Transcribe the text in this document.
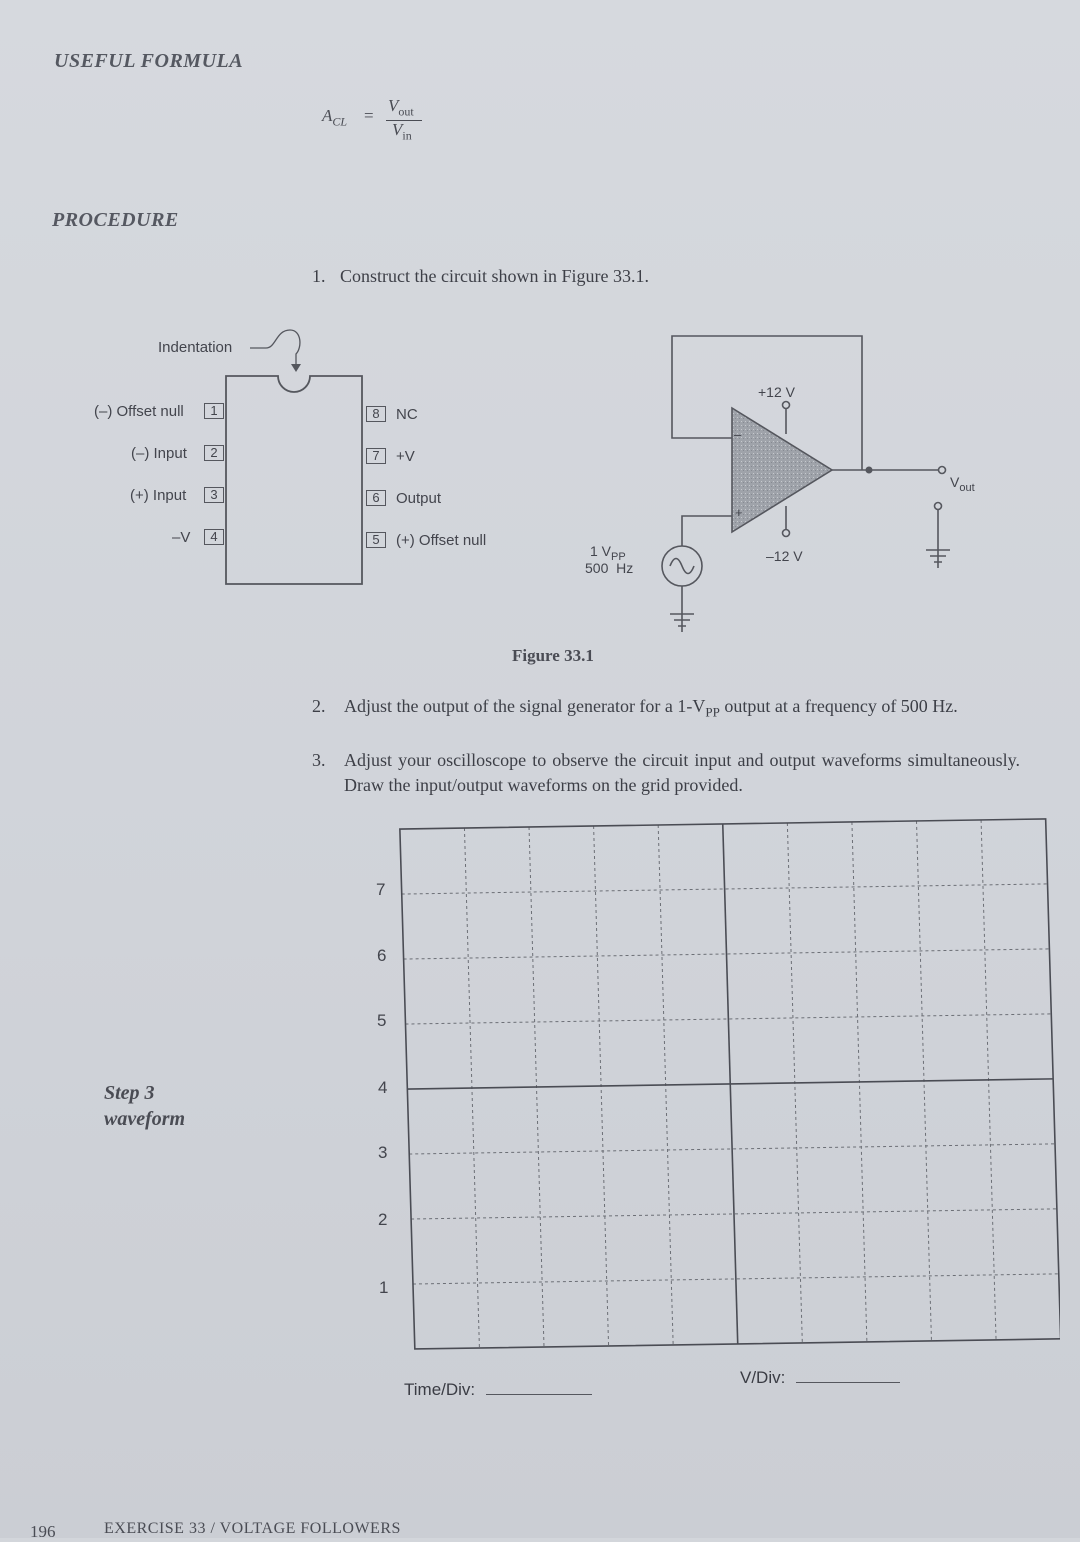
USEFUL FORMULA
$A_{CL}$ =
$V_{out}$
$V_{in}$
PROCEDURE
1. Construct the circuit shown in Figure 33.1.
Indentation
(–) Offset null	1
(–) Input	2
(+) Input	3
–V	4
8	NC
7	+V
6	Output
5	(+) Offset null
–
+
+12 V
–12 V
1 $V_{PP}$
500  Hz
$V_{out}$
Figure 33.1
2. Adjust the output of the signal generator for a $1-V_{PP}$ output at a frequency of 500 Hz.
3. Adjust your oscilloscope to observe the circuit input and output waveforms simultaneously. Draw the input/output waveforms on the grid provided.
Step 3
waveform
7
6
5
4
3
2
1
Time/Div:
V/Div:
196	EXERCISE 33 / VOLTAGE FOLLOWERS
